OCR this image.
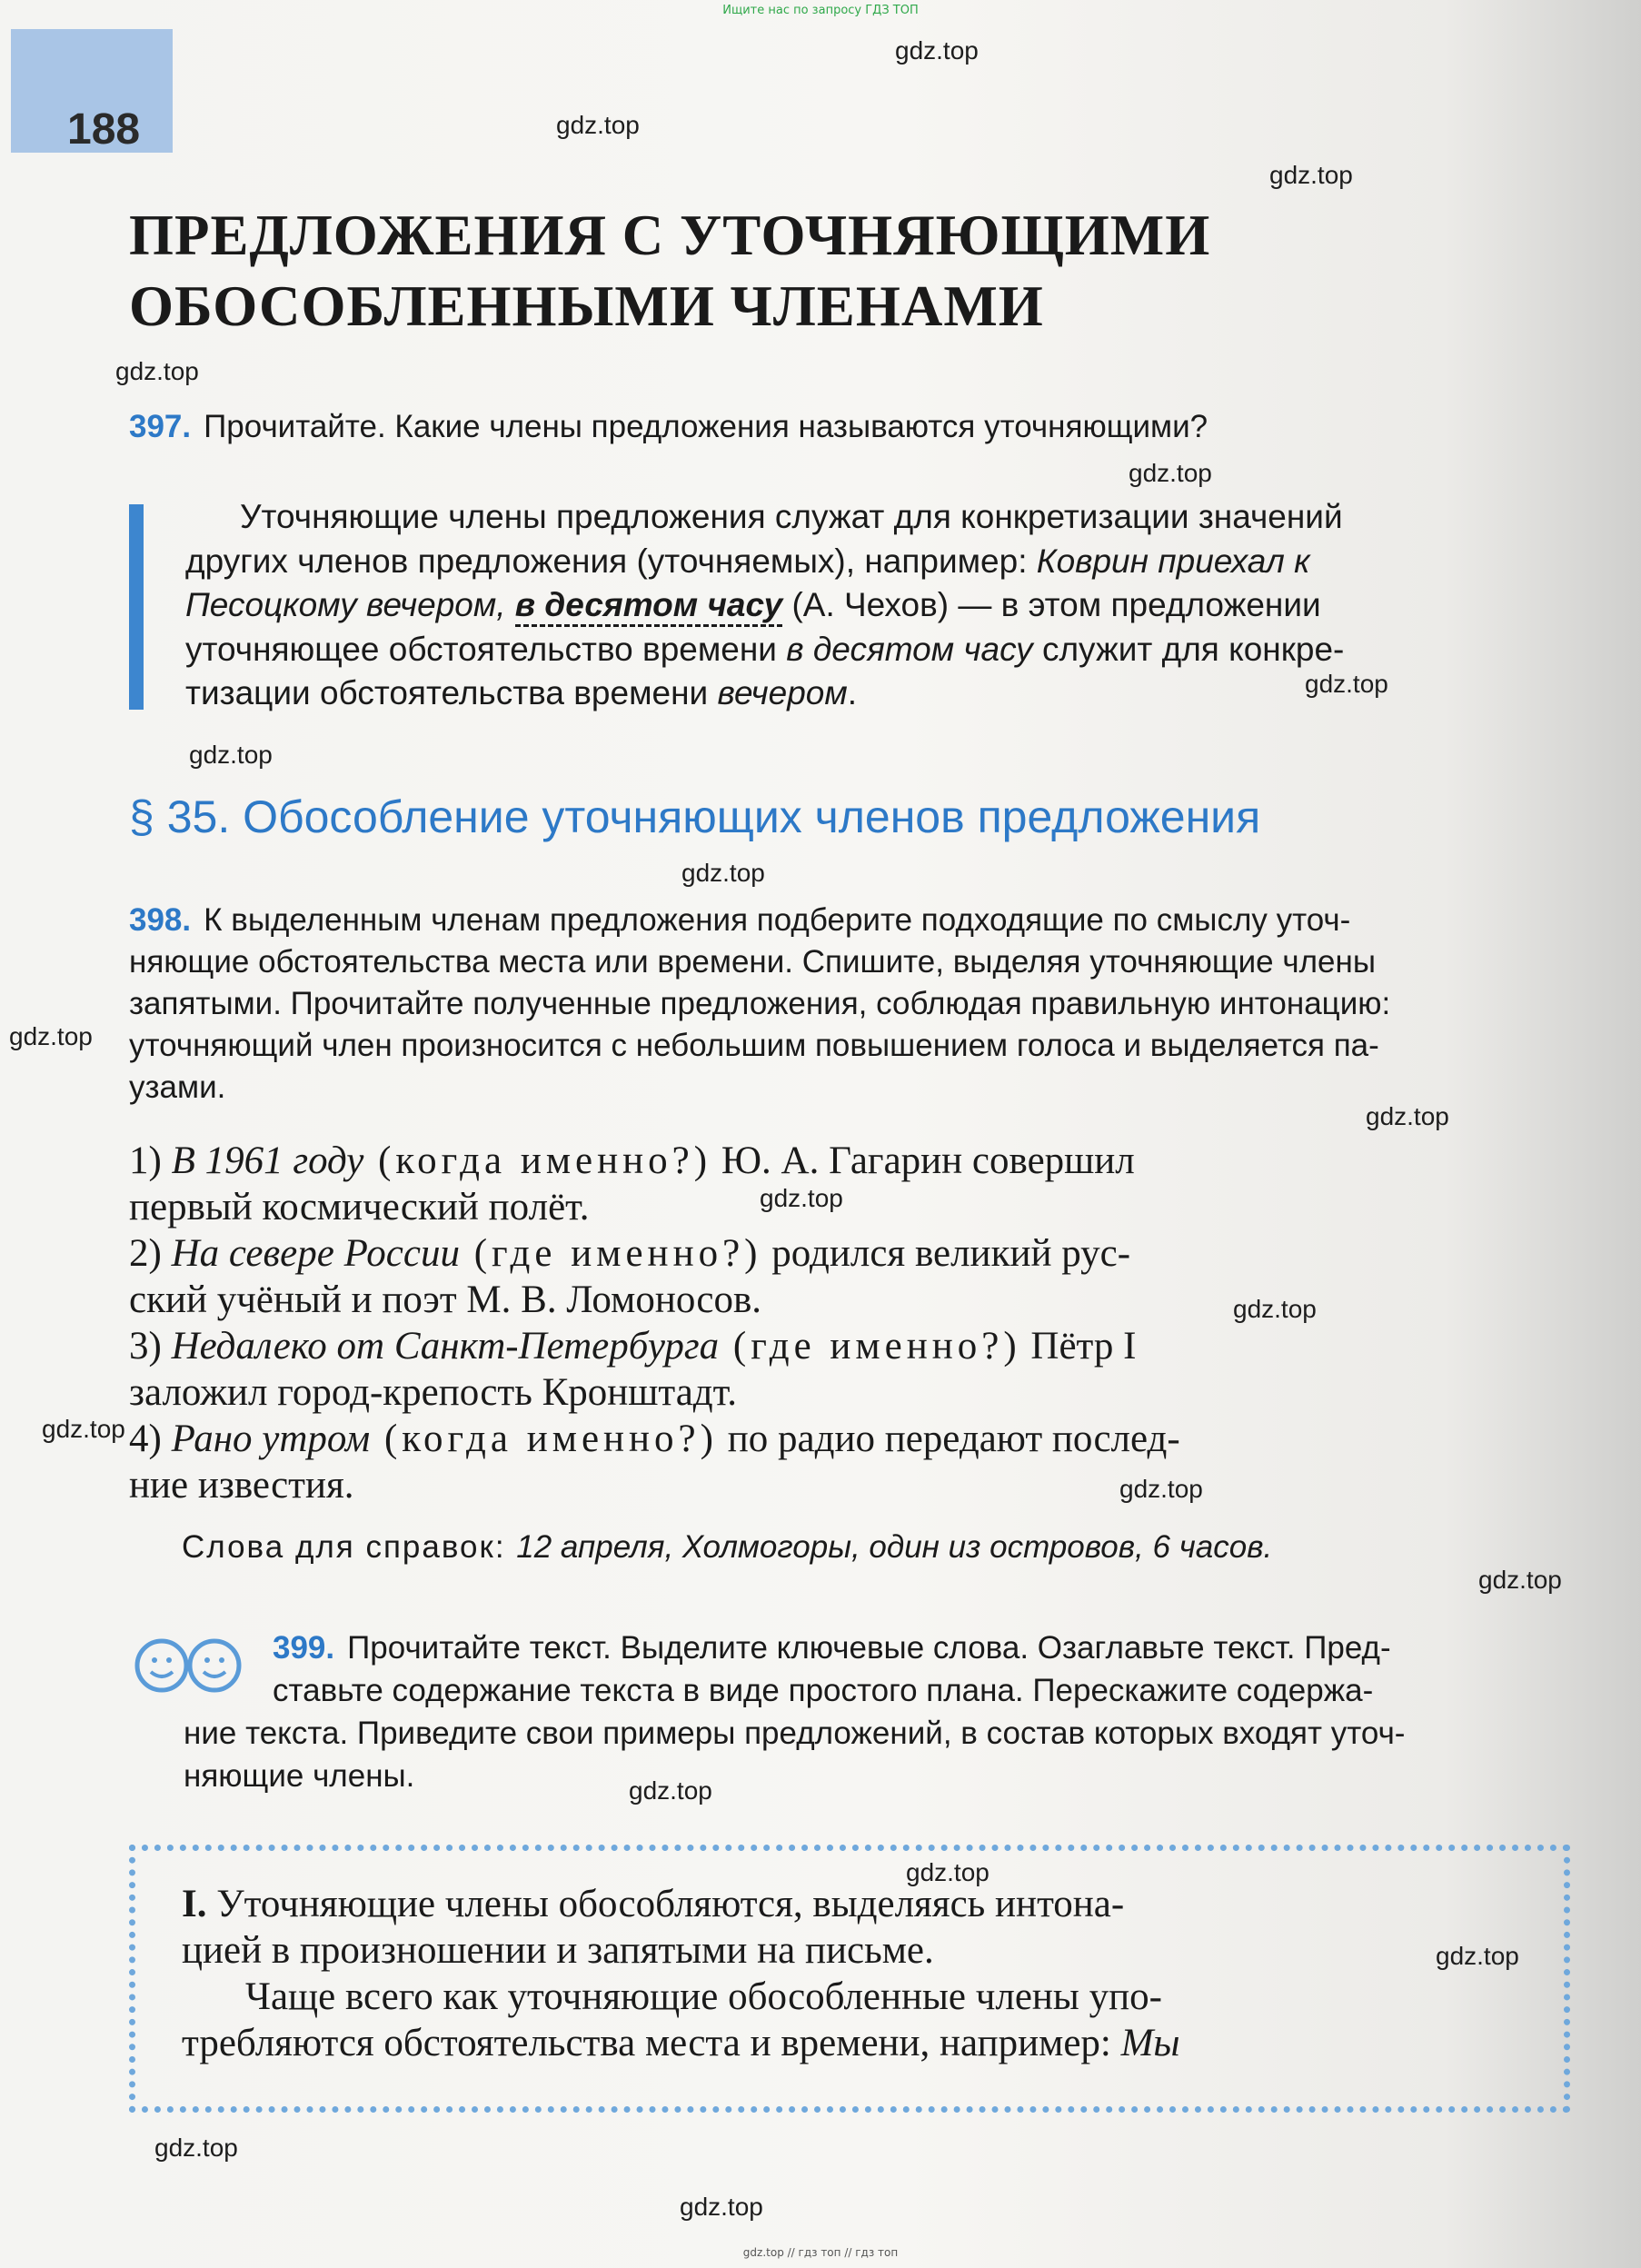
Ищите нас по запросу ГДЗ ТОП
188
gdz.top
gdz.top
gdz.top
gdz.top
gdz.top
gdz.top
gdz.top
gdz.top
gdz.top
gdz.top
gdz.top
gdz.top
gdz.top
gdz.top
gdz.top
gdz.top
gdz.top
gdz.top
gdz.top
gdz.top
ПРЕДЛОЖЕНИЯ С УТОЧНЯЮЩИМИ
ОБОСОБЛЕННЫМИ ЧЛЕНАМИ
397. Прочитайте. Какие члены предложения называются уточняющими?
Уточняющие члены предложения служат для конкретизации значений
других членов предложения (уточняемых), например: Коврин приехал к
Песоцкому вечером, в десятом часу (А. Чехов) — в этом предложении
уточняющее обстоятельство времени в десятом часу служит для конкре-
тизации обстоятельства времени вечером.
§ 35. Обособление уточняющих членов предложения
398. К выделенным членам предложения подберите подходящие по смыслу уточ-
няющие обстоятельства места или времени. Спишите, выделяя уточняющие члены
запятыми. Прочитайте полученные предложения, соблюдая правильную интонацию:
уточняющий член произносится с небольшим повышением голоса и выделяется па-
узами.
1) В 1961 году (когда именно?) Ю. А. Гагарин совершил
первый космический полёт.
2) На севере России (где именно?) родился великий рус-
ский учёный и поэт М. В. Ломоносов.
3) Недалеко от Санкт-Петербурга (где именно?) Пётр I
заложил город-крепость Кронштадт.
4) Рано утром (когда именно?) по радио передают послед-
ние известия.
Слова для справок: 12 апреля, Холмогоры, один из островов, 6 часов.
399. Прочитайте текст. Выделите ключевые слова. Озаглавьте текст. Пред-
ставьте содержание текста в виде простого плана. Перескажите содержа-
ние текста. Приведите свои примеры предложений, в состав которых входят уточ-
няющие члены.
I. Уточняющие члены обособляются, выделяясь интона-
цией в произношении и запятыми на письме.
Чаще всего как уточняющие обособленные члены упо-
требляются обстоятельства места и времени, например: Мы
gdz.top // гдз топ // гдз топ
